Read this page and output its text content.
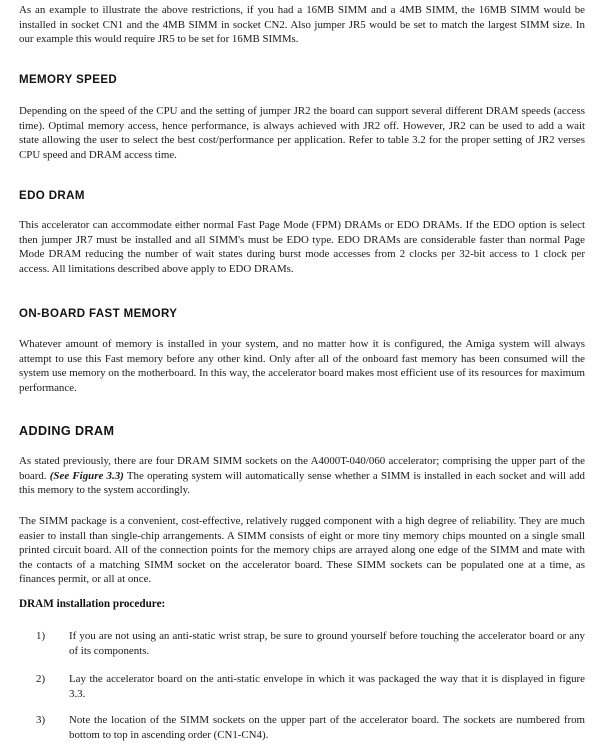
As an example to illustrate the above restrictions, if you had a 16MB SIMM and a 4MB SIMM, the 16MB SIMM would be installed in socket CN1 and the 4MB SIMM in socket CN2. Also jumper JR5 would be set to match the largest SIMM size. In our example this would require JR5 to be set for 16MB SIMMs.

MEMORY SPEED

Depending on the speed of the CPU and the setting of jumper JR2 the board can support several different DRAM speeds (access time). Optimal memory access, hence performance, is always achieved with JR2 off. However, JR2 can be used to add a wait state allowing the user to select the best cost/performance per application. Refer to table 3.2 for the proper setting of JR2 verses CPU speed and DRAM access time.

EDO DRAM

This accelerator can accommodate either normal Fast Page Mode (FPM) DRAMs or EDO DRAMs. If the EDO option is select then jumper JR7 must be installed and all SIMM's must be EDO type. EDO DRAMs are considerable faster than normal Page Mode DRAM reducing the number of wait states during burst mode accesses from 2 clocks per 32-bit access to 1 clock per access. All limitations described above apply to EDO DRAMs.

ON-BOARD FAST MEMORY

Whatever amount of memory is installed in your system, and no matter how it is configured, the Amiga system will always attempt to use this Fast memory before any other kind. Only after all of the onboard fast memory has been consumed will the system use memory on the motherboard. In this way, the accelerator board makes most efficient use of its resources for maximum performance.

ADDING DRAM

As stated previously, there are four DRAM SIMM sockets on the A4000T-040/060 accelerator; comprising the upper part of the board. (See Figure 3.3) The operating system will automatically sense whether a SIMM is installed in each socket and will add this memory to the system accordingly.

The SIMM package is a convenient, cost-effective, relatively rugged component with a high degree of reliability. They are much easier to install than single-chip arrangements. A SIMM consists of eight or more tiny memory chips mounted on a single small printed circuit board. All of the connection points for the memory chips are arrayed along one edge of the SIMM and mate with the contacts of a matching SIMM socket on the accelerator board. These SIMM sockets can be populated one at a time, as finances permit, or all at once.

DRAM installation procedure:
1)	If you are not using an anti-static wrist strap, be sure to ground yourself before touching the accelerator board or any of its components.
2)	Lay the accelerator board on the anti-static envelope in which it was packaged the way that it is displayed in figure 3.3.
3)	Note the location of the SIMM sockets on the upper part of the accelerator board. The sockets are numbered from bottom to top in ascending order (CN1-CN4).
